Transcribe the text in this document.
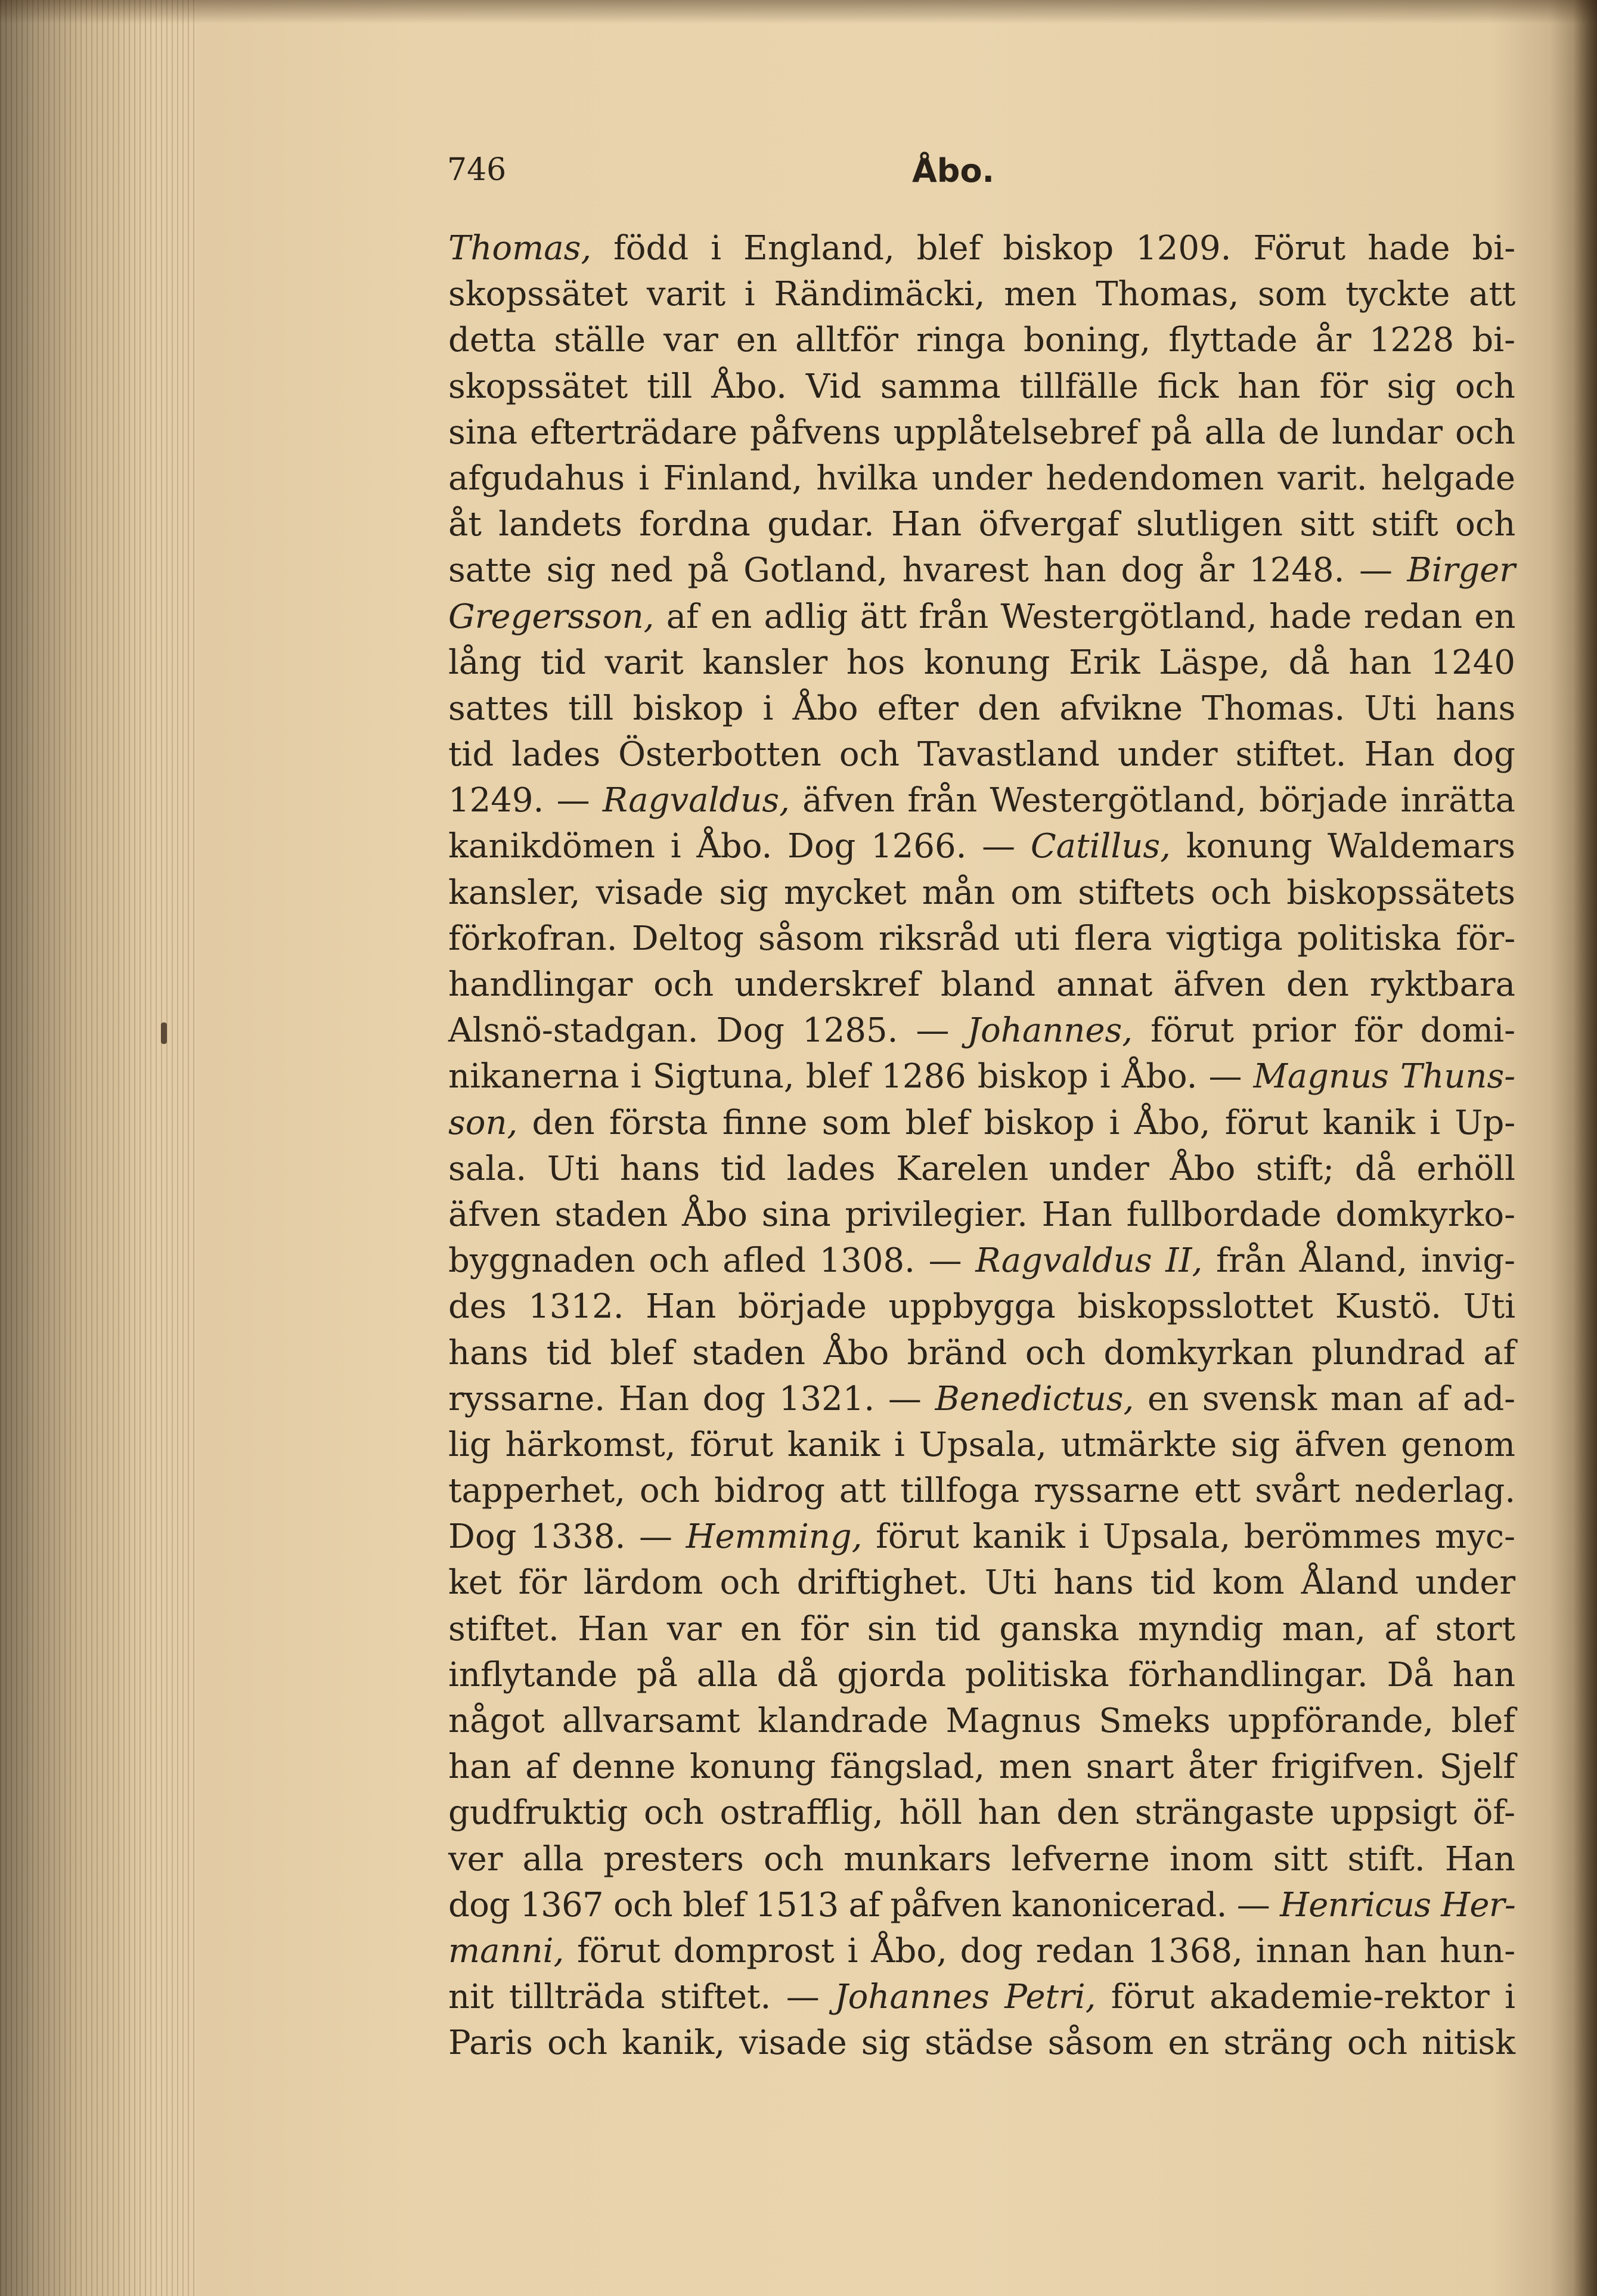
746	Åbo.
Thomas, född i England, blef biskop 1209. Förut hade bi-
skopssätet varit i Rändimäcki, men Thomas, som tyckte att
detta ställe var en alltför ringa boning, flyttade år 1228 bi-
skopssätet till Åbo. Vid samma tillfälle fick han för sig och
sina efterträdare påfvens upplåtelsebref på alla de lundar och
afgudahus i Finland, hvilka under hedendomen varit. helgade
åt landets fordna gudar. Han öfvergaf slutligen sitt stift och
satte sig ned på Gotland, hvarest han dog år 1248. — Birger
Gregersson, af en adlig ätt från Westergötland, hade redan en
lång tid varit kansler hos konung Erik Läspe, då han 1240
sattes till biskop i Åbo efter den afvikne Thomas. Uti hans
tid lades Österbotten och Tavastland under stiftet. Han dog
1249. — Ragvaldus, äfven från Westergötland, började inrätta
kanikdömen i Åbo. Dog 1266. — Catillus, konung Waldemars
kansler, visade sig mycket mån om stiftets och biskopssätets
förkofran. Deltog såsom riksråd uti flera vigtiga politiska för-
handlingar och underskref bland annat äfven den ryktbara
Alsnö-stadgan. Dog 1285. — Johannes, förut prior för domi-
nikanerna i Sigtuna, blef 1286 biskop i Åbo. — Magnus Thuns-
son, den första finne som blef biskop i Åbo, förut kanik i Up-
sala. Uti hans tid lades Karelen under Åbo stift; då erhöll
äfven staden Åbo sina privilegier. Han fullbordade domkyrko-
byggnaden och afled 1308. — Ragvaldus II, från Åland, invig-
des 1312. Han började uppbygga biskopsslottet Kustö. Uti
hans tid blef staden Åbo bränd och domkyrkan plundrad af
ryssarne. Han dog 1321. — Benedictus, en svensk man af ad-
lig härkomst, förut kanik i Upsala, utmärkte sig äfven genom
tapperhet, och bidrog att tillfoga ryssarne ett svårt nederlag.
Dog 1338. — Hemming, förut kanik i Upsala, berömmes myc-
ket för lärdom och driftighet. Uti hans tid kom Åland under
stiftet. Han var en för sin tid ganska myndig man, af stort
inflytande på alla då gjorda politiska förhandlingar. Då han
något allvarsamt klandrade Magnus Smeks uppförande, blef
han af denne konung fängslad, men snart åter frigifven. Sjelf
gudfruktig och ostrafflig, höll han den strängaste uppsigt öf-
ver alla presters och munkars lefverne inom sitt stift. Han
dog 1367 och blef 1513 af påfven kanonicerad. — Henricus Her-
manni, förut domprost i Åbo, dog redan 1368, innan han hun-
nit tillträda stiftet. — Johannes Petri, förut akademie-rektor i
Paris och kanik, visade sig städse såsom en sträng och nitisk
